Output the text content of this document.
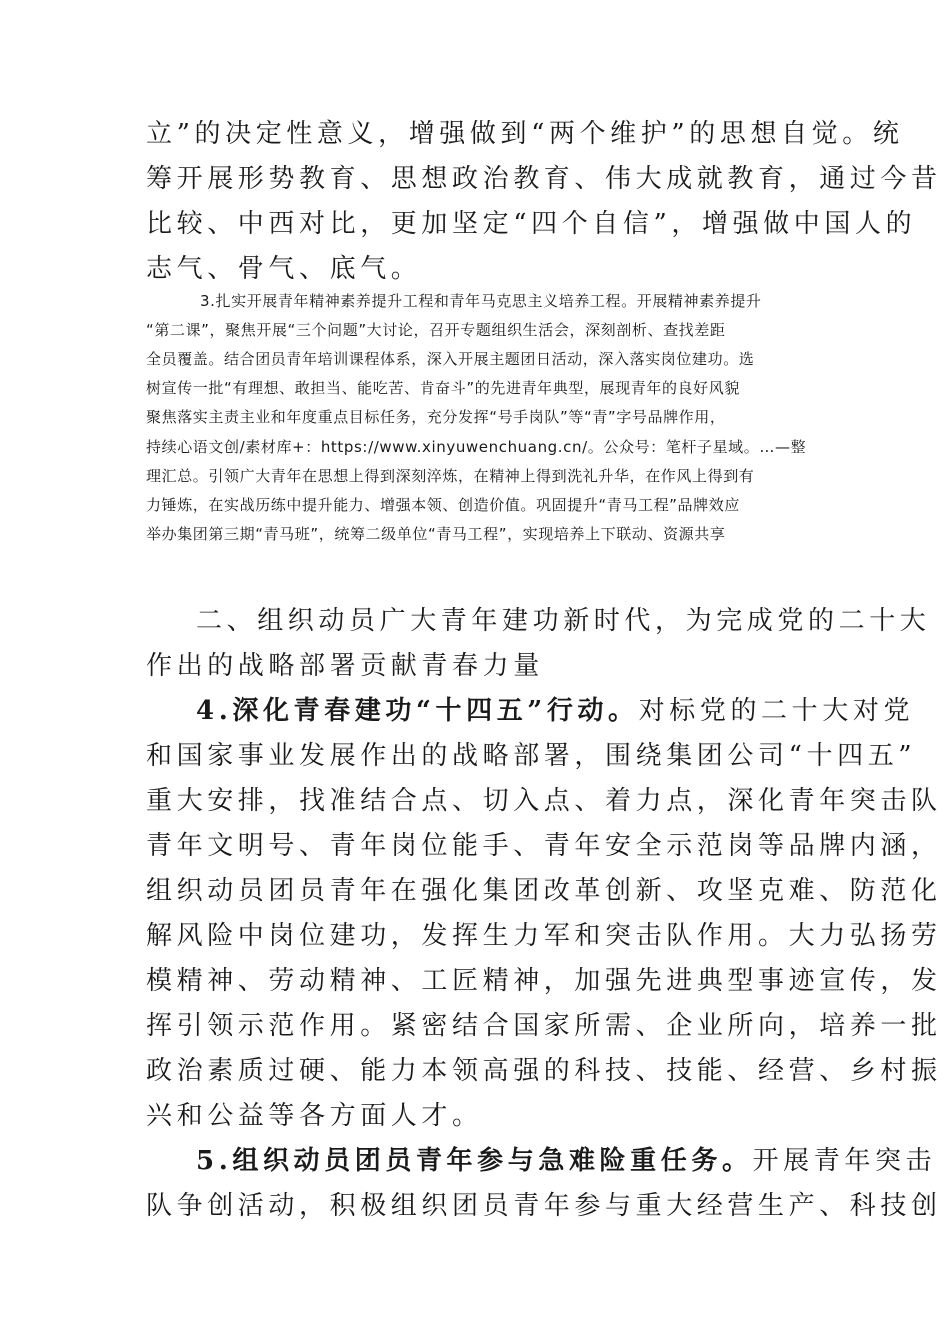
立”的决定性意义，增强做到“两个维护”的思想自觉。统
筹开展形势教育、思想政治教育、伟大成就教育，通过今昔
比较、中西对比，更加坚定“四个自信”，增强做中国人的
志气、骨气、底气。
3.扎实开展青年精神素养提升工程和青年马克思主义培养工程。开展精神素养提升
“第二课”，聚焦开展“三个问题”大讨论，召开专题组织生活会，深刻剖析、查找差距
全员覆盖。结合团员青年培训课程体系，深入开展主题团日活动，深入落实岗位建功。选
树宣传一批“有理想、敢担当、能吃苦、肯奋斗”的先进青年典型，展现青年的良好风貌
聚焦落实主责主业和年度重点目标任务，充分发挥“号手岗队”等“青”字号品牌作用，
持续心语文创/素材库+：https://www.xinyuwenchuang.cn/。公众号：笔杆子星域。…—整
理汇总。引领广大青年在思想上得到深刻淬炼，在精神上得到洗礼升华，在作风上得到有
力锤炼，在实战历练中提升能力、增强本领、创造价值。巩固提升“青马工程”品牌效应
举办集团第三期“青马班”，统筹二级单位“青马工程”，实现培养上下联动、资源共享
二、组织动员广大青年建功新时代，为完成党的二十大
作出的战略部署贡献青春力量
4.深化青春建功“十四五”行动。对标党的二十大对党
和国家事业发展作出的战略部署，围绕集团公司“十四五”
重大安排，找准结合点、切入点、着力点，深化青年突击队
青年文明号、青年岗位能手、青年安全示范岗等品牌内涵，
组织动员团员青年在强化集团改革创新、攻坚克难、防范化
解风险中岗位建功，发挥生力军和突击队作用。大力弘扬劳
模精神、劳动精神、工匠精神，加强先进典型事迹宣传，发
挥引领示范作用。紧密结合国家所需、企业所向，培养一批
政治素质过硬、能力本领高强的科技、技能、经营、乡村振
兴和公益等各方面人才。
5.组织动员团员青年参与急难险重任务。开展青年突击
队争创活动，积极组织团员青年参与重大经营生产、科技创
